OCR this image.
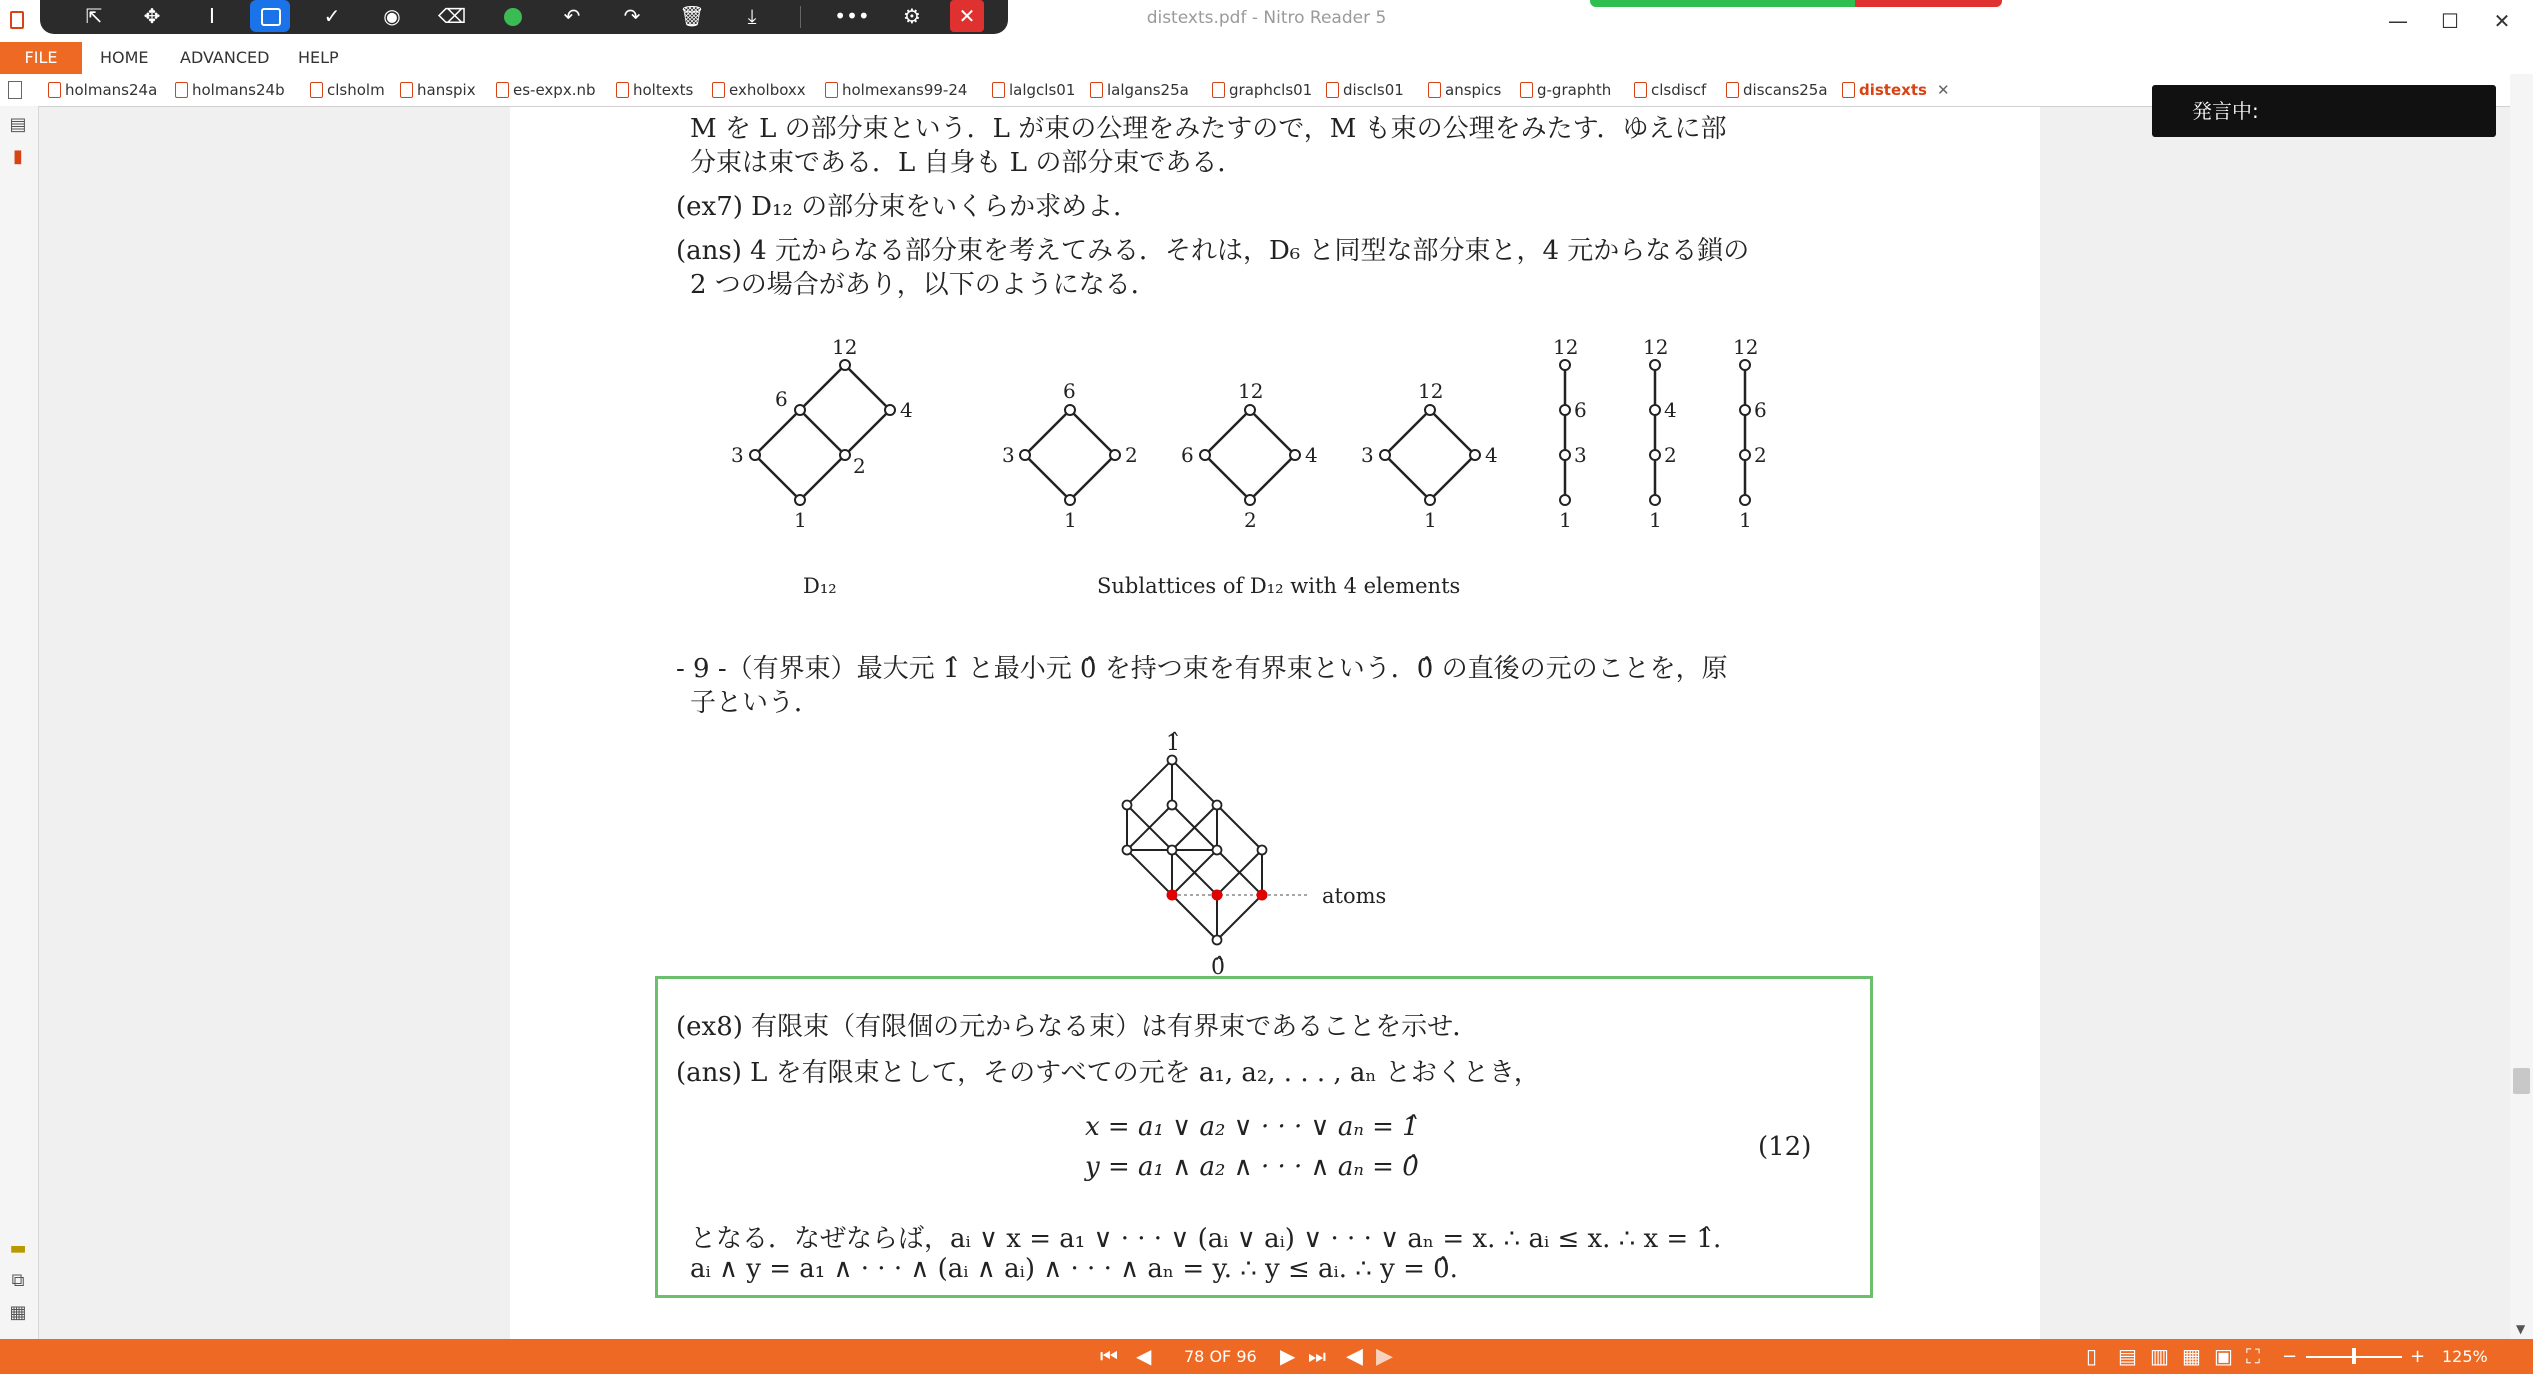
distexts.pdf - Nitro Reader 5	—	☐	✕
⇱	✥	I	✓	◉	⌫	↶	↷	🗑	⤓	•••	⚙	✕
FILE	HOME ADVANCED HELP
holmans24a	holmans24b	clsholm	hanspix	es-expx.nb	holtexts	exholboxx	holmexans99-24	lalgcls01	lalgans25a	graphcls01	discls01	anspics	g-graphth	clsdiscf	discans25a	distexts ✕
▤
▮
▬
⧉
▦
▼
M を L の部分束という．L が束の公理をみたすので，M も束の公理をみたす．ゆえに部
分束は束である．L 自身も L の部分束である．
(ex7) D₁₂ の部分束をいくらか求めよ．
(ans) 4 元からなる部分束を考えてみる．それは，D₆ と同型な部分束と，4 元からなる鎖の
2 つの場合があり，以下のようになる．
12
6	4
3	2
1
6
3	2
1
12
6	4
2
12
3	4
1
12
6
3
1
12
4
2
1
12
6
2
1
D₁₂	Sublattices of D₁₂ with 4 elements
- 9 -（有界束）最大元 1̂ と最小元 0̂ を持つ束を有界束という．0̂ の直後の元のことを，原
子という．
1̂
0̂
atoms
(ex8) 有限束（有限個の元からなる束）は有界束であることを示せ．
(ans) L を有限束として，そのすべての元を a₁, a₂, . . . , aₙ とおくとき，
x = a₁ ∨ a₂ ∨ · · · ∨ aₙ = 1̂
y = a₁ ∧ a₂ ∧ · · · ∧ aₙ = 0̂
(12)
となる．なぜならば，aᵢ ∨ x = a₁ ∨ · · · ∨ (aᵢ ∨ aᵢ) ∨ · · · ∨ aₙ = x. ∴ aᵢ ≤ x. ∴ x = 1̂.
aᵢ ∧ y = a₁ ∧ · · · ∧ (aᵢ ∧ aᵢ) ∧ · · · ∧ aₙ = y. ∴ y ≤ aᵢ. ∴ y = 0̂.
発言中:
⏮ ◀ 78 OF 96 ▶ ⏭ ◀ ▶	▯ ▤ ▥ ▦ ▣ ⛶ −	+ 125%
